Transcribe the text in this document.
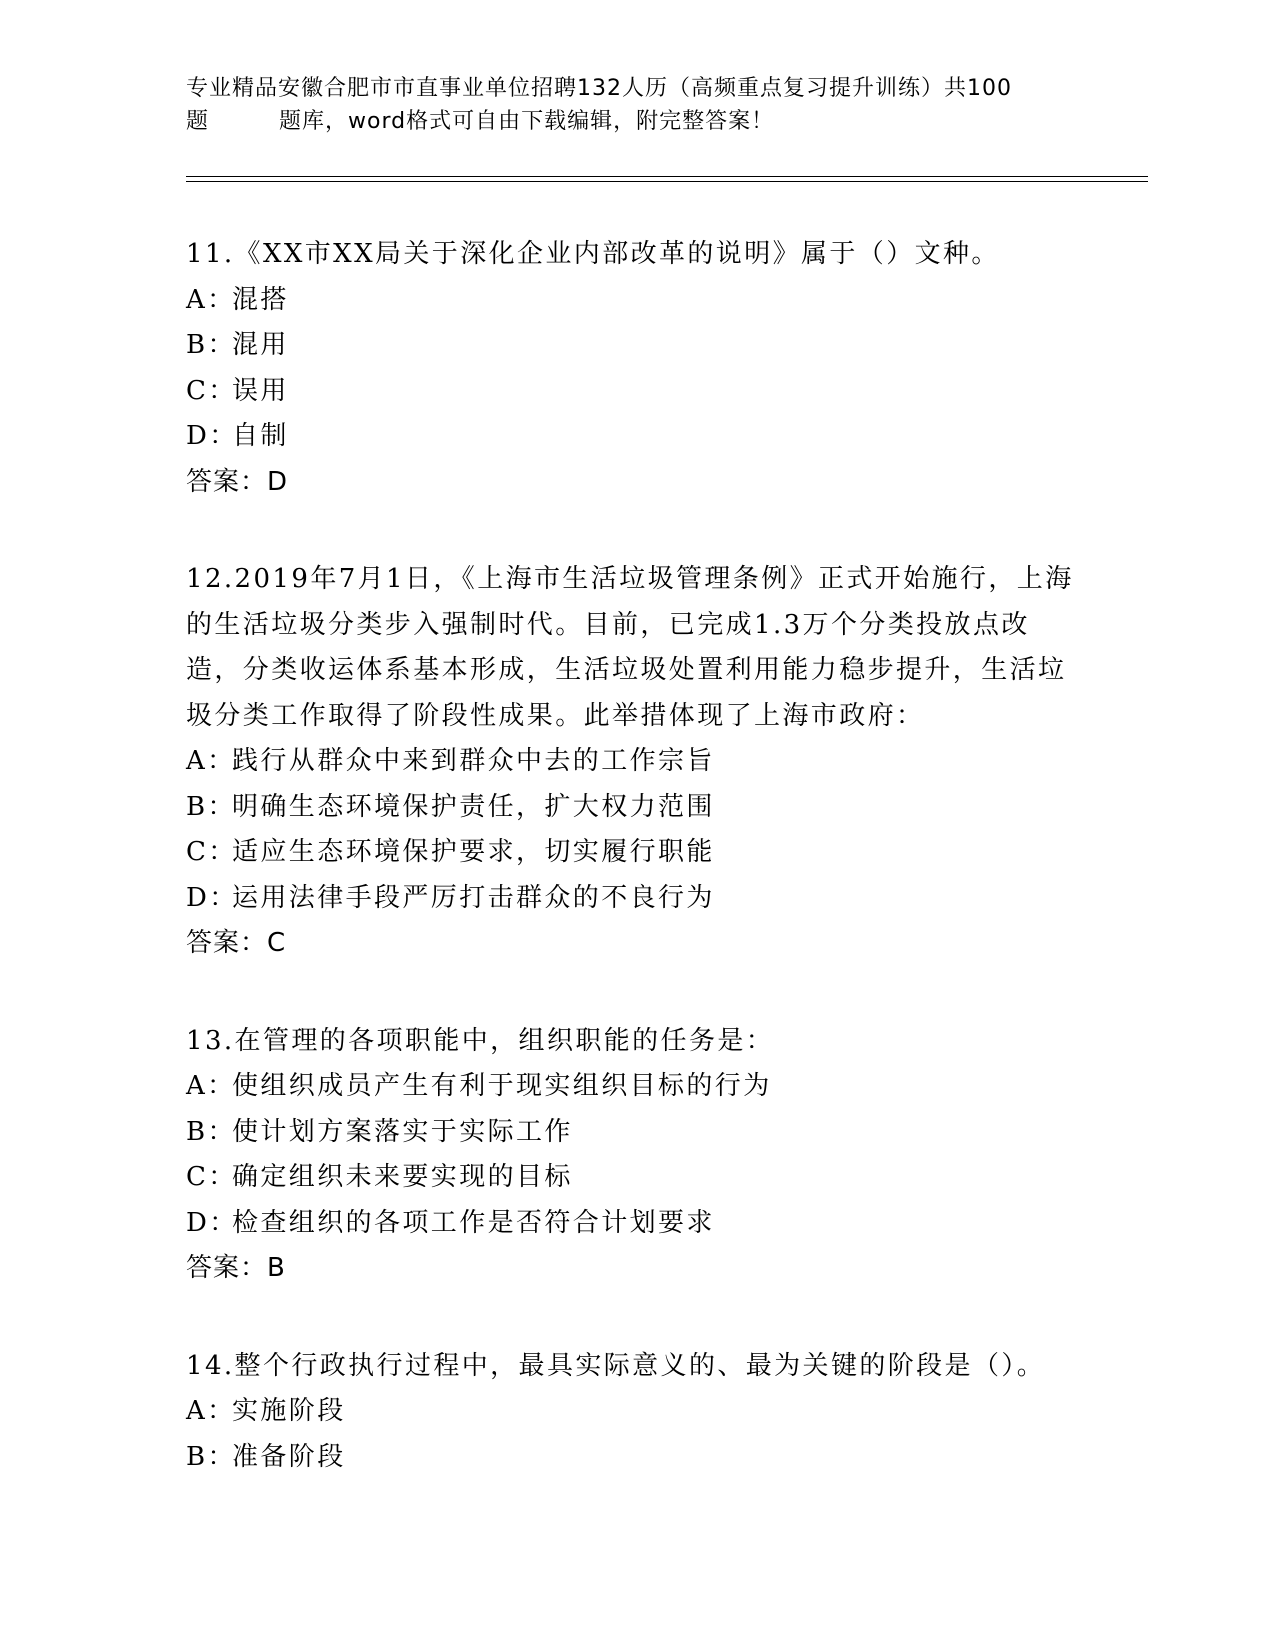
专业精品安徽合肥市市直事业单位招聘132人历（高频重点复习提升训练）共100
题	题库，word格式可自由下载编辑，附完整答案！

11.《XX市XX局关于深化企业内部改革的说明》属于（）文种。

A：混搭

B：混用

C：误用

D：自制

答案：D

12.2019年7月1日，《上海市生活垃圾管理条例》正式开始施行，上海的生活垃圾分类步入强制时代。目前，已完成1.3万个分类投放点改造，分类收运体系基本形成，生活垃圾处置利用能力稳步提升，生活垃圾分类工作取得了阶段性成果。此举措体现了上海市政府：

A：践行从群众中来到群众中去的工作宗旨

B：明确生态环境保护责任，扩大权力范围

C：适应生态环境保护要求，切实履行职能

D：运用法律手段严厉打击群众的不良行为

答案：C

13.在管理的各项职能中，组织职能的任务是：

A：使组织成员产生有利于现实组织目标的行为

B：使计划方案落实于实际工作

C：确定组织未来要实现的目标

D：检查组织的各项工作是否符合计划要求

答案：B

14.整个行政执行过程中，最具实际意义的、最为关键的阶段是（）。

A：实施阶段

B：准备阶段
